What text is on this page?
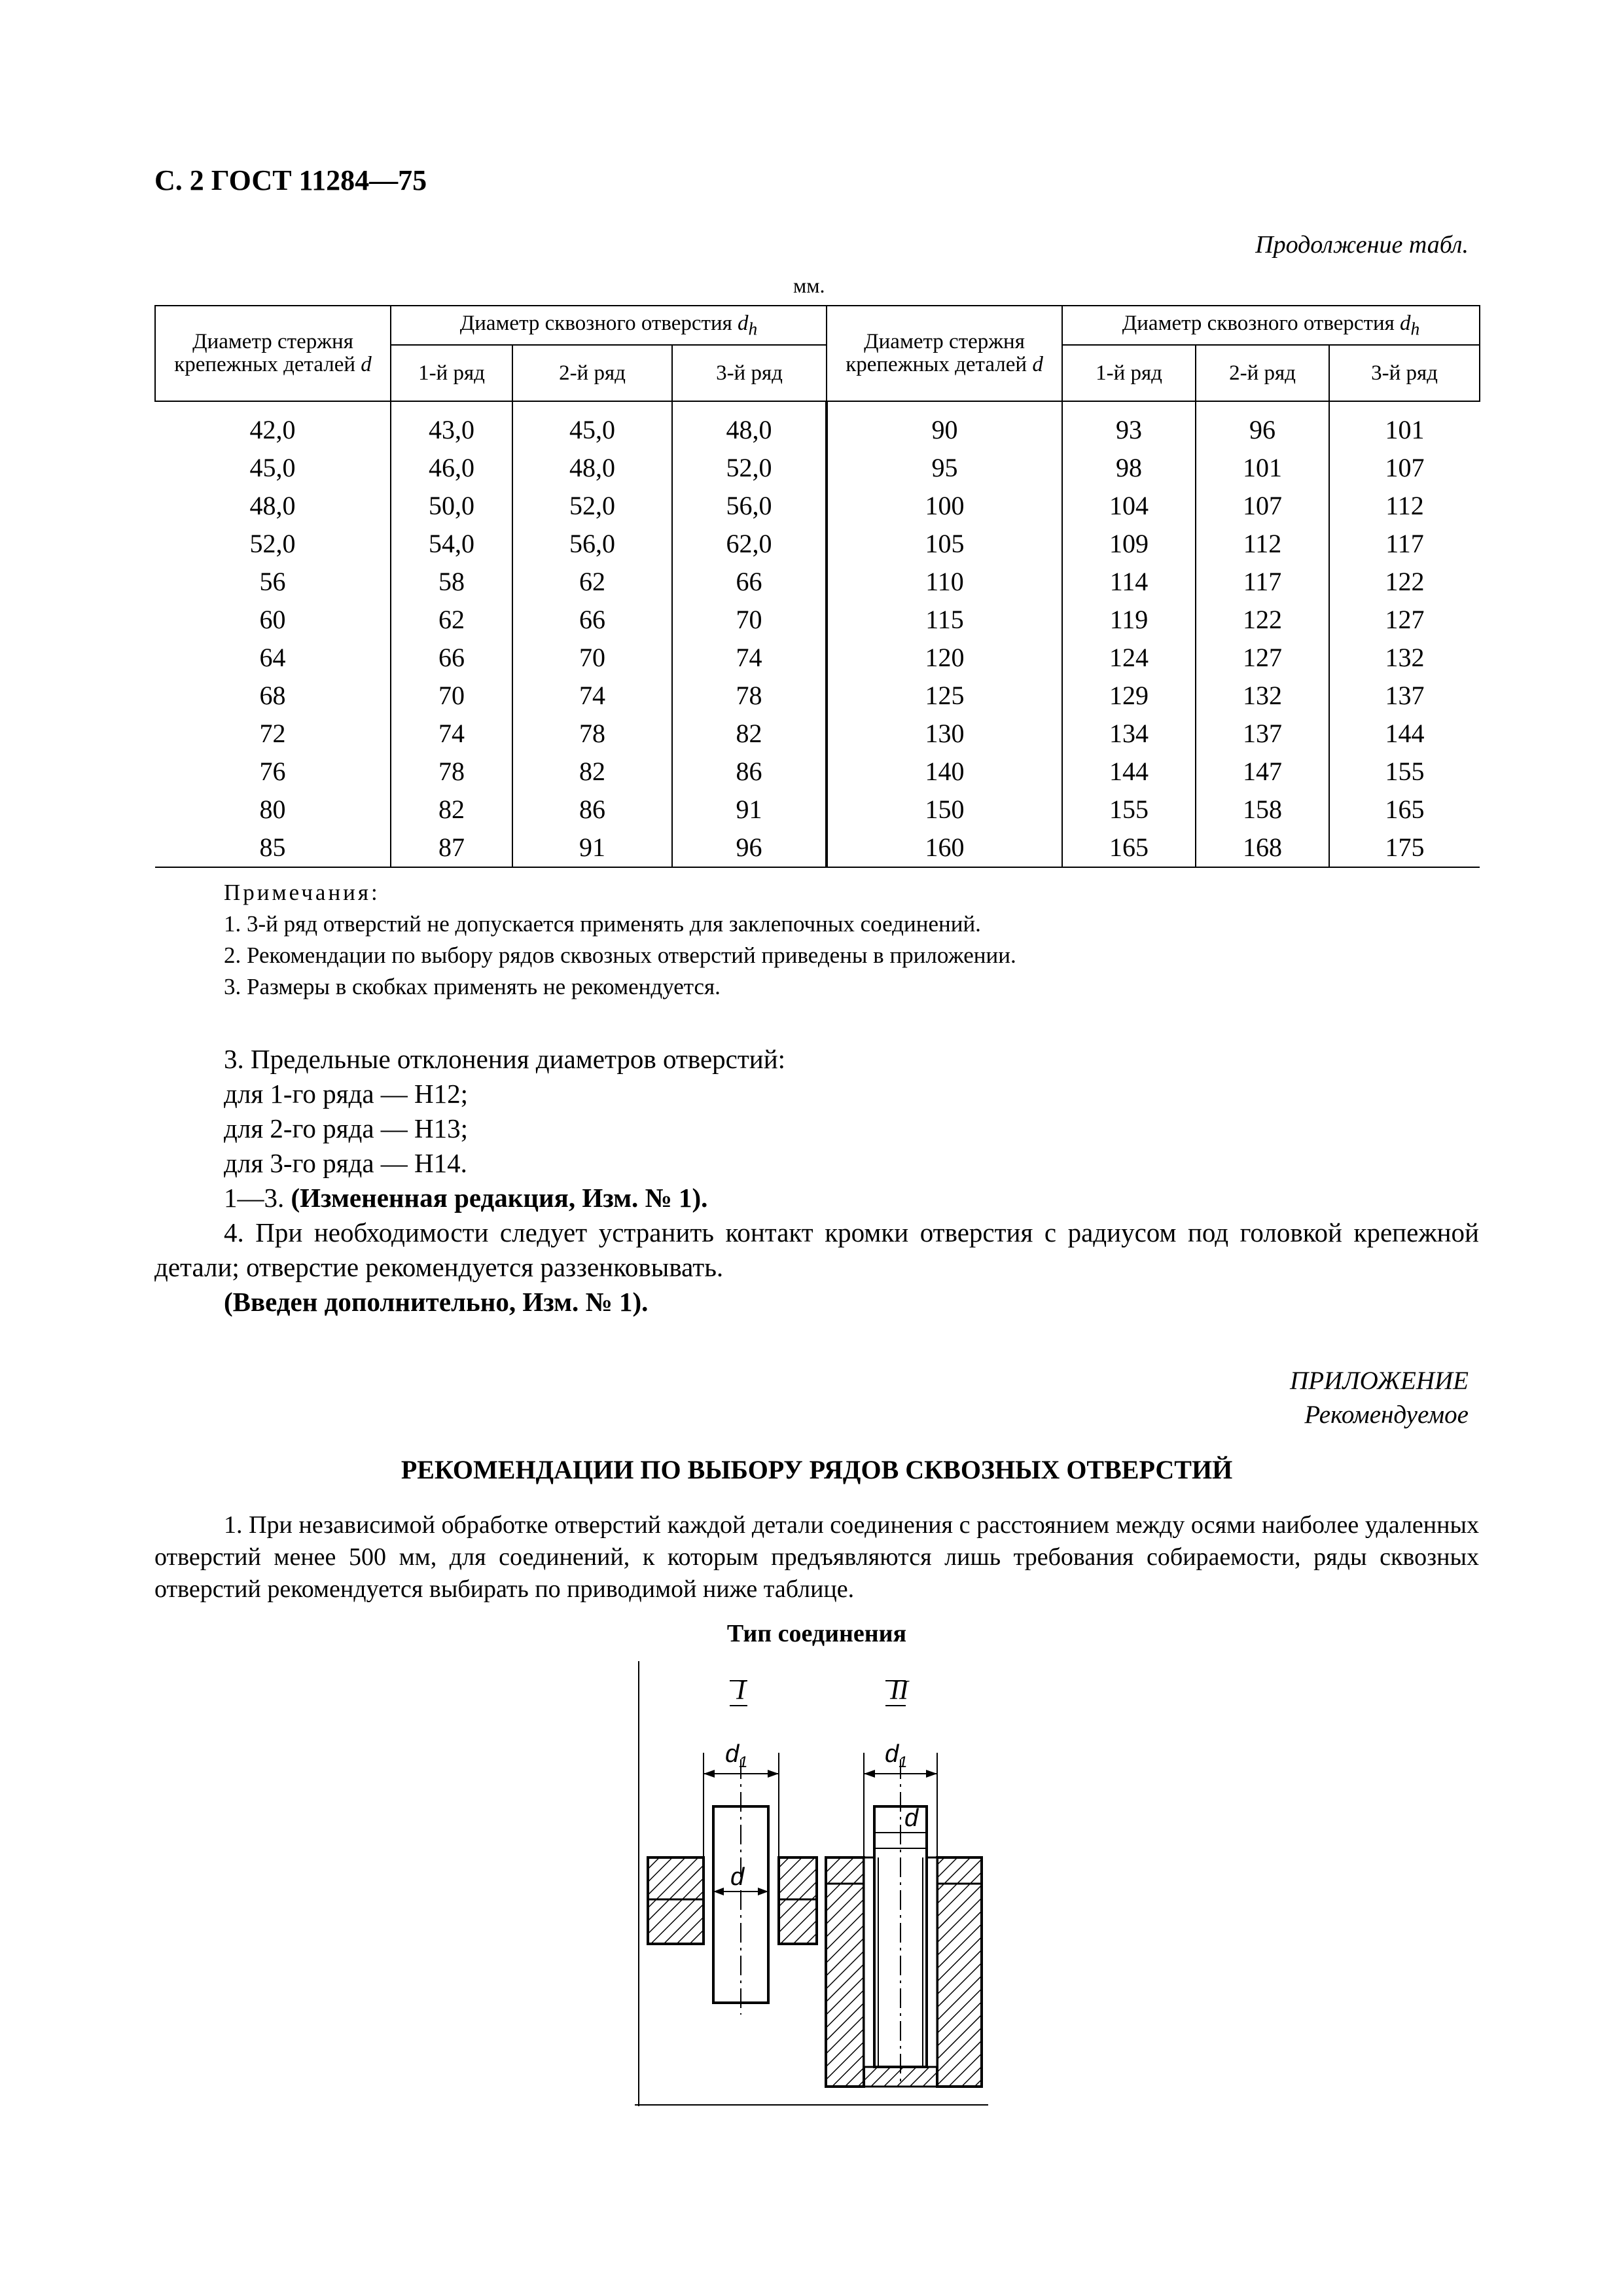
С. 2 ГОСТ 11284—75
Продолжение табл.
мм.
Диаметр стержня крепежных деталей d	Диаметр сквозного отверстия $d_h$			Диаметр стержня крепежных деталей d	Диаметр сквозного отверстия $d_h$
	1-й ряд	2-й ряд	3-й ряд		1-й ряд	2-й ряд	3-й ряд
42,0	43,0	45,0	48,0	90	93	96	101
45,0	46,0	48,0	52,0	95	98	101	107
48,0	50,0	52,0	56,0	100	104	107	112
52,0	54,0	56,0	62,0	105	109	112	117
56	58	62	66	110	114	117	122
60	62	66	70	115	119	122	127
64	66	70	74	120	124	127	132
68	70	74	78	125	129	132	137
72	74	78	82	130	134	137	144
76	78	82	86	140	144	147	155
80	82	86	91	150	155	158	165
85	87	91	96	160	165	168	175
Примечания:
1. 3-й ряд отверстий не допускается применять для заклепочных соединений.
2. Рекомендации по выбору рядов сквозных отверстий приведены в приложении.
3. Размеры в скобках применять не рекомендуется.

3. Предельные отклонения диаметров отверстий:

для 1-го ряда — Н12;

для 2-го ряда — Н13;

для 3-го ряда — Н14.

1—3. (Измененная редакция, Изм. № 1).

4. При необходимости следует устранить контакт кромки отверстия с радиусом под головкой крепежной детали; отверстие рекомендуется раззенковывать.

(Введен дополнительно, Изм. № 1).

ПРИЛОЖЕНИЕ
Рекомендуемое
РЕКОМЕНДАЦИИ ПО ВЫБОРУ РЯДОВ СКВОЗНЫХ ОТВЕРСТИЙ
1. При независимой обработке отверстий каждой детали соединения с расстоянием между осями наиболее удаленных отверстий менее 500 мм, для соединений, к которым предъявляются лишь требования собираемости, ряды сквозных отверстий рекомендуется выбирать по приводимой ниже таблице.
Тип соединения
I	II
$d_1$
d
$d_1$
d
